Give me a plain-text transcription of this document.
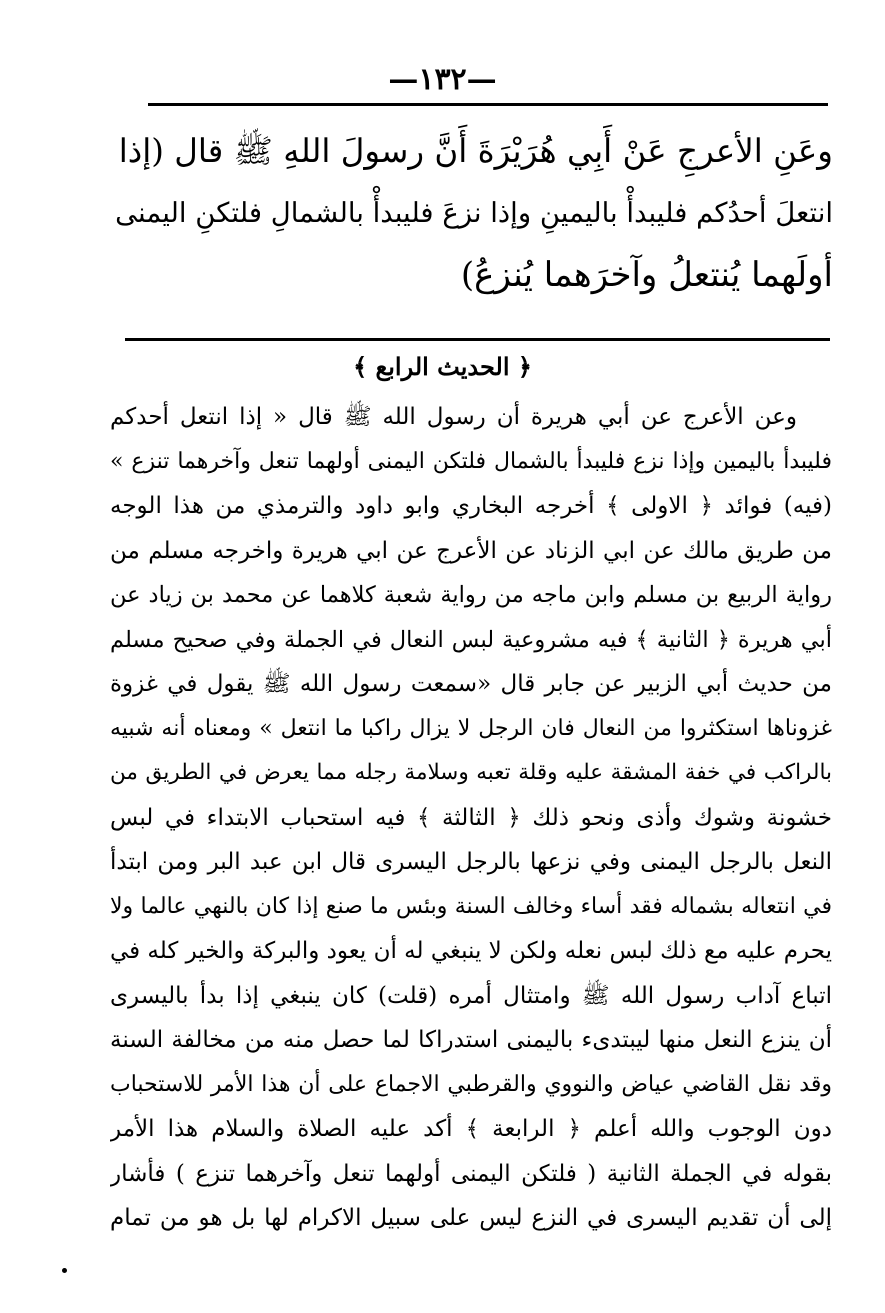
—١٣٢—

وعَنِ الأعرجِ عَنْ أَبِي هُرَيْرَةَ أَنَّ رسولَ اللهِ ﷺ قال (إذا

انتعلَ أحدُكم فليبدأْ باليمينِ وإذا نزعَ فليبدأْ بالشمالِ فلتكنِ اليمنى

أولَهما يُنتعلُ وآخرَهما يُنزعُ)

﴿ الحديث الرابع ﴾
وعن الأعرج عن أبي هريرة أن رسول الله ﷺ قال « إذا انتعل أحدكم
فليبدأ باليمين وإذا نزع فليبدأ بالشمال فلتكن اليمنى أولهما تنعل وآخرهما تنزع »
(فيه) فوائد ﴿ الاولى ﴾ أخرجه البخاري وابو داود والترمذي من هذا الوجه
من طريق مالك عن ابي الزناد عن الأعرج عن ابي هريرة واخرجه مسلم من
رواية الربيع بن مسلم وابن ماجه من رواية شعبة كلاهما عن محمد بن زياد عن
أبي هريرة ﴿ الثانية ﴾ فيه مشروعية لبس النعال في الجملة وفي صحيح مسلم
من حديث أبي الزبير عن جابر قال «سمعت رسول الله ﷺ يقول في غزوة
غزوناها استكثروا من النعال فان الرجل لا يزال راكبا ما انتعل » ومعناه أنه شبيه
بالراكب في خفة المشقة عليه وقلة تعبه وسلامة رجله مما يعرض في الطريق من
خشونة وشوك وأذى ونحو ذلك ﴿ الثالثة ﴾ فيه استحباب الابتداء في لبس
النعل بالرجل اليمنى وفي نزعها بالرجل اليسرى قال ابن عبد البر ومن ابتدأ
في انتعاله بشماله فقد أساء وخالف السنة وبئس ما صنع إذا كان بالنهي عالما ولا
يحرم عليه مع ذلك لبس نعله ولكن لا ينبغي له أن يعود والبركة والخير كله في
اتباع آداب رسول الله ﷺ وامتثال أمره (قلت) كان ينبغي إذا بدأ باليسرى
أن ينزع النعل منها ليبتدىء باليمنى استدراكا لما حصل منه من مخالفة السنة
وقد نقل القاضي عياض والنووي والقرطبي الاجماع على أن هذا الأمر للاستحباب
دون الوجوب والله أعلم ﴿ الرابعة ﴾ أكد عليه الصلاة والسلام هذا الأمر
بقوله في الجملة الثانية ( فلتكن اليمنى أولهما تنعل وآخرهما تنزع ) فأشار
إلى أن تقديم اليسرى في النزع ليس على سبيل الاكرام لها بل هو من تمام
